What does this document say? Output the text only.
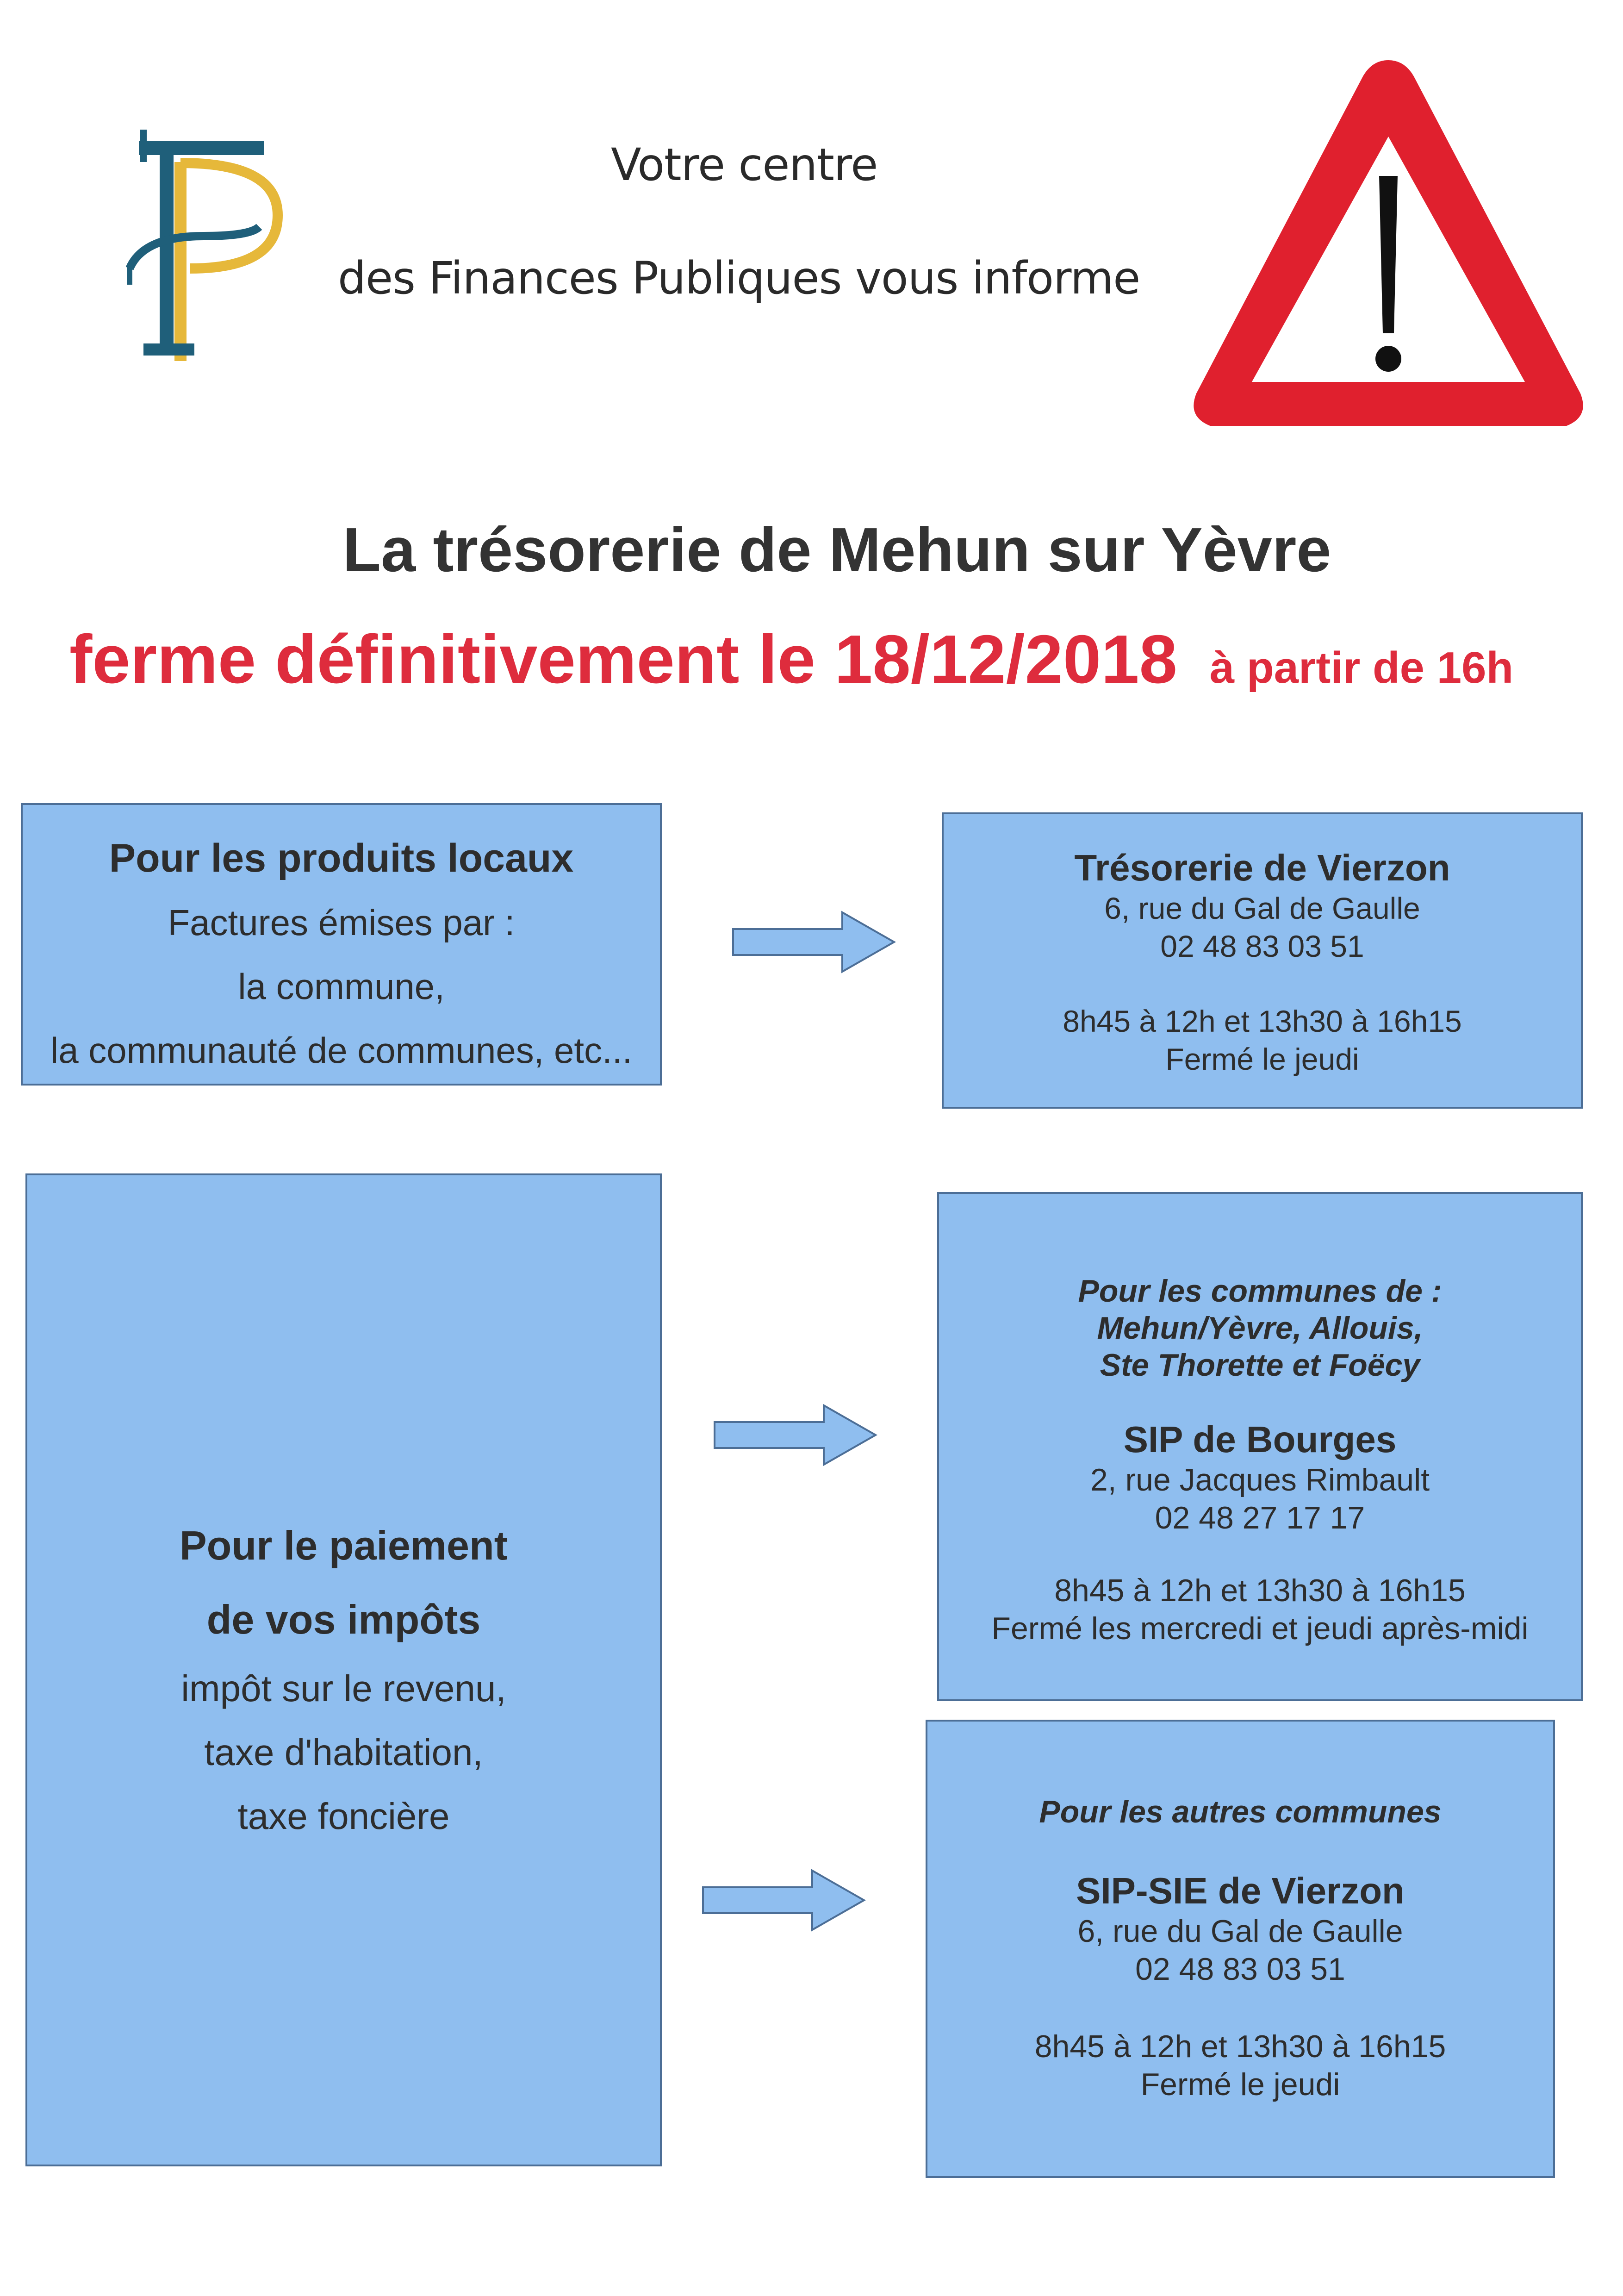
Votre centre
des Finances Publiques vous informe
La trésorerie de Mehun sur Yèvre
ferme définitivement le 18/12/2018 à partir de 16h
Pour les produits locaux
Factures émises par :
la commune,
la communauté de communes, etc...
Trésorerie de Vierzon
6, rue du Gal de Gaulle
02 48 83 03 51
8h45 à 12h et 13h30 à 16h15
Fermé le jeudi
Pour le paiement
de vos impôts
impôt sur le revenu,
taxe d'habitation,
taxe foncière
Pour les communes de :
Mehun/Yèvre, Allouis,
Ste Thorette et Foëcy
SIP de Bourges
2, rue Jacques Rimbault
02 48 27 17 17
8h45 à 12h et 13h30 à 16h15
Fermé les mercredi et jeudi après-midi
Pour les autres communes
SIP-SIE de Vierzon
6, rue du Gal de Gaulle
02 48 83 03 51
8h45 à 12h et 13h30 à 16h15
Fermé le jeudi
